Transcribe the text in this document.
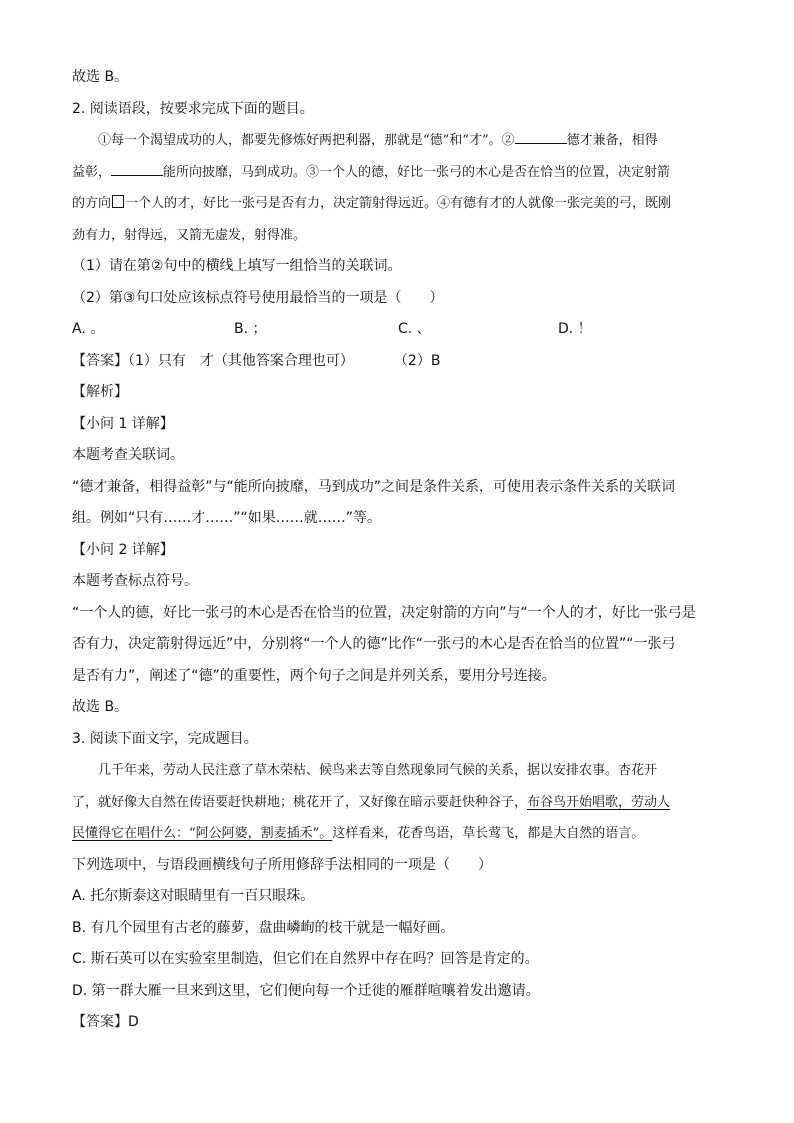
故选 B。
2. 阅读语段，按要求完成下面的题目。
①每一个渴望成功的人，都要先修炼好两把利器，那就是“德”和“才”。②	德才兼备，相得
益彰，	能所向披靡，马到成功。③一个人的德，好比一张弓的木心是否在恰当的位置，决定射箭
的方向 一个人的才，好比一张弓是否有力，决定箭射得远近。④有德有才的人就像一张完美的弓，既刚
劲有力，射得远，又箭无虚发，射得准。
（1）请在第②句中的横线上填写一组恰当的关联词。
（2）第③句口处应该标点符号使用最恰当的一项是（　　）
A. 。	B. ；	C. 、	D. ！
【答案】（1）只有　才（其他答案合理也可）	（2）B
【解析】
【小问 1 详解】
本题考查关联词。
“德才兼备，相得益彰”与“能所向披靡，马到成功”之间是条件关系，可使用表示条件关系的关联词
组。例如“只有……才……”“如果……就……”等。
【小问 2 详解】
本题考查标点符号。
“一个人的德，好比一张弓的木心是否在恰当的位置，决定射箭的方向”与“一个人的才，好比一张弓是
否有力，决定箭射得远近”中，分别将“一个人的德”比作“一张弓的木心是否在恰当的位置”“一张弓
是否有力”，阐述了“德”的重要性，两个句子之间是并列关系，要用分号连接。
故选 B。
3. 阅读下面文字，完成题目。
几千年来，劳动人民注意了草木荣枯、候鸟来去等自然现象同气候的关系，据以安排农事。杏花开
了，就好像大自然在传语要赶快耕地；桃花开了，又好像在暗示要赶快种谷子，布谷鸟开始唱歌，劳动人
民懂得它在唱什么：“阿公阿婆，割麦插禾”。这样看来，花香鸟语，草长莺飞，都是大自然的语言。
下列选项中，与语段画横线句子所用修辞手法相同的一项是（　　）
A. 托尔斯泰这对眼睛里有一百只眼珠。
B. 有几个园里有古老的藤萝，盘曲嶙峋的枝干就是一幅好画。
C. 斯石英可以在实验室里制造，但它们在自然界中存在吗？回答是肯定的。
D. 第一群大雁一旦来到这里，它们便向每一个迁徙的雁群喧嚷着发出邀请。
【答案】D
